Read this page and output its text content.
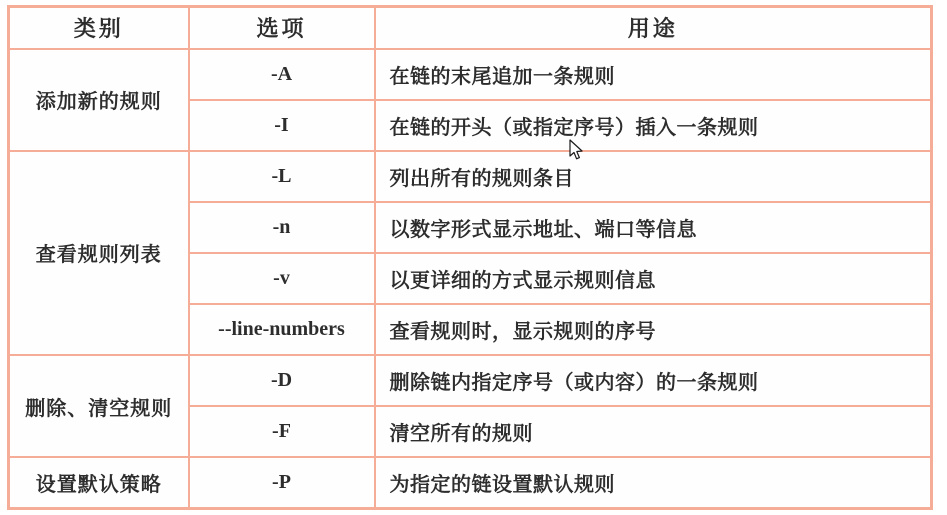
类别	选项	用途
添加新的规则	-A	在链的末尾追加一条规则
	-I	在链的开头（或指定序号）插入一条规则
查看规则列表	-L	列出所有的规则条目
	-n	以数字形式显示地址、端口等信息
	-v	以更详细的方式显示规则信息
	--line-numbers	查看规则时，显示规则的序号
删除、清空规则	-D	删除链内指定序号（或内容）的一条规则
	-F	清空所有的规则
设置默认策略	-P	为指定的链设置默认规则
